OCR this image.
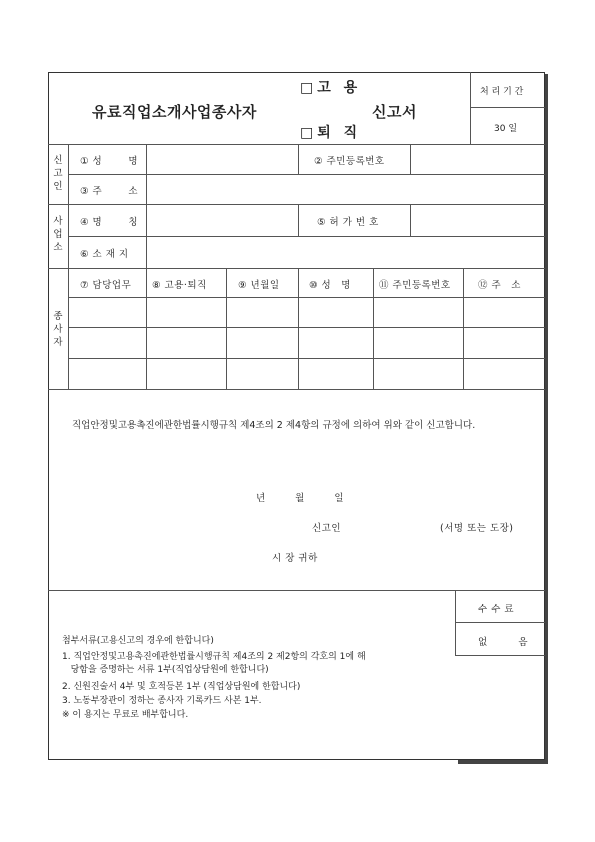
유료직업소개사업종사자
□고 용
□퇴 직
신고서
처 리 기 간
30 일
신
고
인
① 성	명	② 주민등록번호
③ 주	소
사
업
소
④ 명	칭	⑤ 허 가 번 호
⑥ 소 재 지
종
사
자
⑦ 담당업무 ⑧ 고용·퇴직	⑨ 년월일	⑩ 성　명	⑪ 주민등록번호	⑫ 주　소
직업안정및고용촉진에관한법률시행규칙 제4조의 2 제4항의 규정에 의하여 위와 같이 신고합니다.
년	월	일
신고인	(서명 또는 도장)
시 장 귀하
수 수 료
없	음
첨부서류(고용신고의 경우에 한합니다)
1. 직업안정및고용촉진에관한법률시행규칙 제4조의 2 제2항의 각호의 1에 해
당함을 증명하는 서류 1부(직업상담원에 한합니다)
2. 신원진술서 4부 및 호적등본 1부 (직업상담원에 한합니다)
3. 노동부장관이 정하는 종사자 기록카드 사본 1부.
※ 이 용지는 무료로 배부합니다.
